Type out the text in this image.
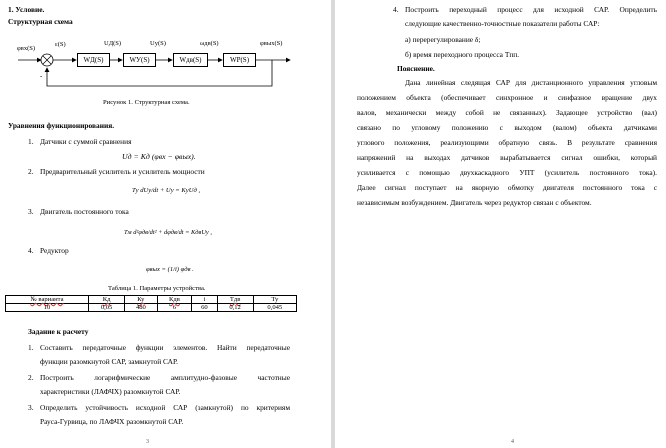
1. Условие.
Структурная схема
WД(S)	WУ(S)	Wдв(S)	WР(S)
φвх(S)
ε(S)	UД(S)	Uу(S)	ωдв(S)	φвых(S)
-
Рисунок 1. Структурная схема.
Уравнения функционирования.
1. Датчики с суммой сравнения
Uд = Kд (φвх − φвых).
2. Предварительный усилитель и усилитель мощности
Tу dUу/dt + Uу = KуUд ,
3. Двигатель постоянного тока
Tм d²φдв/dt² + dφдв/dt = KдвUу ,
4. Редуктор
φвых = (1/i) φдв .
Таблица 1. Параметры устройства.
№ варианта	Кд	Ку	Кдв	i	Тдв	Ту
10	0,05	480	6	60	0,12	0,045
Задание к расчету
1. Составить передаточные функции элементов. Найти передаточные
функции разомкнутой САР, замкнутой САР.
2. Построить логарифмические амплитудно-фазовые частотные
характеристики (ЛАФЧХ) разомкнутой САР.
3. Определить устойчивость исходной САР (замкнутой) по критериям
Рауса-Гурвица, по ЛАФЧХ разомкнутой САР.
3
4. Построить переходный процесс для исходной САР. Определить
следующие качественно-точностные показатели работы САР:
а) перерегулирование δ;
б) время переходного процесса Tпп.
Пояснение.
Дана линейная следящая САР для дистанционного управления угловым
положением объекта (обеспечивает синхронное и синфазное вращение двух
валов, механически между собой не связанных). Задающее устройство (вал)
связано по угловому положению с выходом (валом) объекта датчиками
углового положения, реализующими обратную связь. В результате сравнения
напряжений на выходах датчиков вырабатывается сигнал ошибки, который
усиливается с помощью двухкаскадного УПТ (усилитель постоянного тока).
Далее сигнал поступает на якорную обмотку двигателя постоянного тока с
независимым возбуждением. Двигатель через редуктор связан с объектом.
4
